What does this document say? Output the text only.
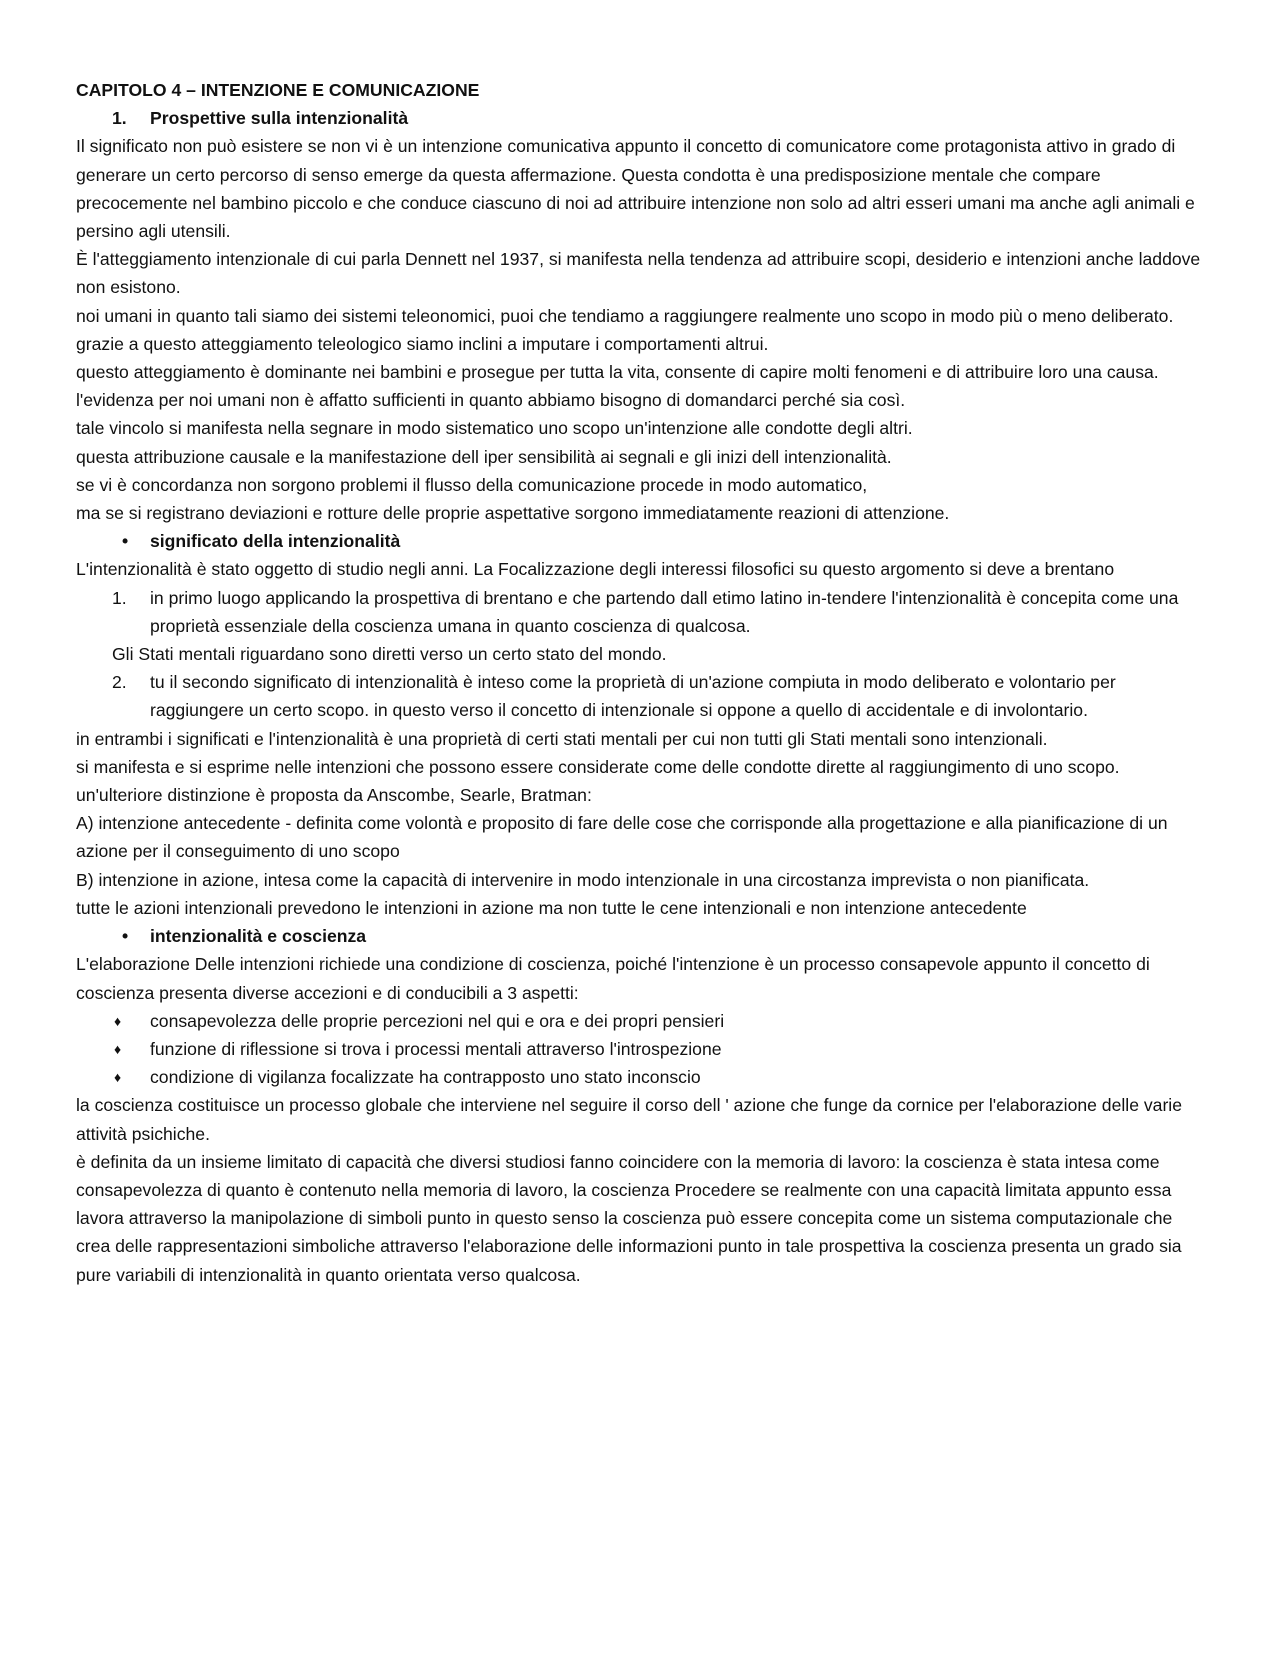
CAPITOLO 4 – INTENZIONE E COMUNICAZIONE

1. Prospettive sulla intenzionalità

Il significato non può esistere se non vi è un intenzione comunicativa appunto il concetto di comunicatore come protagonista attivo in grado di generare un certo percorso di senso emerge da questa affermazione. Questa condotta è una predisposizione mentale che compare precocemente nel bambino piccolo e che conduce ciascuno di noi ad attribuire intenzione non solo ad altri esseri umani ma anche agli animali e persino agli utensili.

È l'atteggiamento intenzionale di cui parla Dennett nel 1937, si manifesta nella tendenza ad attribuire scopi, desiderio e intenzioni anche laddove non esistono.

noi umani in quanto tali siamo dei sistemi teleonomici, puoi che tendiamo a raggiungere realmente uno scopo in modo più o meno deliberato.

grazie a questo atteggiamento teleologico siamo inclini a imputare i comportamenti altrui.

questo atteggiamento è dominante nei bambini e prosegue per tutta la vita, consente di capire molti fenomeni e di attribuire loro una causa.

l'evidenza per noi umani non è affatto sufficienti in quanto abbiamo bisogno di domandarci perché sia così.

tale vincolo si manifesta nella segnare in modo sistematico uno scopo un'intenzione alle condotte degli altri.

questa attribuzione causale e la manifestazione dell iper sensibilità ai segnali e gli inizi dell intenzionalità.

se vi è concordanza non sorgono problemi il flusso della comunicazione procede in modo automatico,

ma se si registrano deviazioni e rotture delle proprie aspettative sorgono immediatamente reazioni di attenzione.

• significato della intenzionalità

L'intenzionalità è stato oggetto di studio negli anni. La Focalizzazione degli interessi filosofici su questo argomento si deve a brentano

1.	in primo luogo applicando la prospettiva di brentano e che partendo dall etimo latino in-tendere l'intenzionalità è concepita come una proprietà essenziale della coscienza umana in quanto coscienza di qualcosa.

Gli Stati mentali riguardano sono diretti verso un certo stato del mondo.

2.	tu il secondo significato di intenzionalità è inteso come la proprietà di un'azione compiuta in modo deliberato e volontario per raggiungere un certo scopo. in questo verso il concetto di intenzionale si oppone a quello di accidentale e di involontario.

in entrambi i significati e l'intenzionalità è una proprietà di certi stati mentali per cui non tutti gli Stati mentali sono intenzionali.

si manifesta e si esprime nelle intenzioni che possono essere considerate come delle condotte dirette al raggiungimento di uno scopo.

un'ulteriore distinzione è proposta da Anscombe, Searle, Bratman:

A) intenzione antecedente - definita come volontà e proposito di fare delle cose che corrisponde alla progettazione e alla pianificazione di un azione per il conseguimento di uno scopo

B) intenzione in azione, intesa come la capacità di intervenire in modo intenzionale in una circostanza imprevista o non pianificata.

tutte le azioni intenzionali prevedono le intenzioni in azione ma non tutte le cene intenzionali e non intenzione antecedente

• intenzionalità e coscienza

L'elaborazione Delle intenzioni richiede una condizione di coscienza, poiché l'intenzione è un processo consapevole appunto il concetto di coscienza presenta diverse accezioni e di conducibili a 3 aspetti:

♦	consapevolezza delle proprie percezioni nel qui e ora e dei propri pensieri
♦	funzione di riflessione si trova i processi mentali attraverso l'introspezione
♦	condizione di vigilanza focalizzate ha contrapposto uno stato inconscio

la coscienza costituisce un processo globale che interviene nel seguire il corso dell ' azione che funge da cornice per l'elaborazione delle varie attività psichiche.

è definita da un insieme limitato di capacità che diversi studiosi fanno coincidere con la memoria di lavoro: la coscienza è stata intesa come consapevolezza di quanto è contenuto nella memoria di lavoro, la coscienza Procedere se realmente con una capacità limitata appunto essa lavora attraverso la manipolazione di simboli punto in questo senso la coscienza può essere concepita come un sistema computazionale che crea delle rappresentazioni simboliche attraverso l'elaborazione delle informazioni punto in tale prospettiva la coscienza presenta un grado sia pure variabili di intenzionalità in quanto orientata verso qualcosa.
